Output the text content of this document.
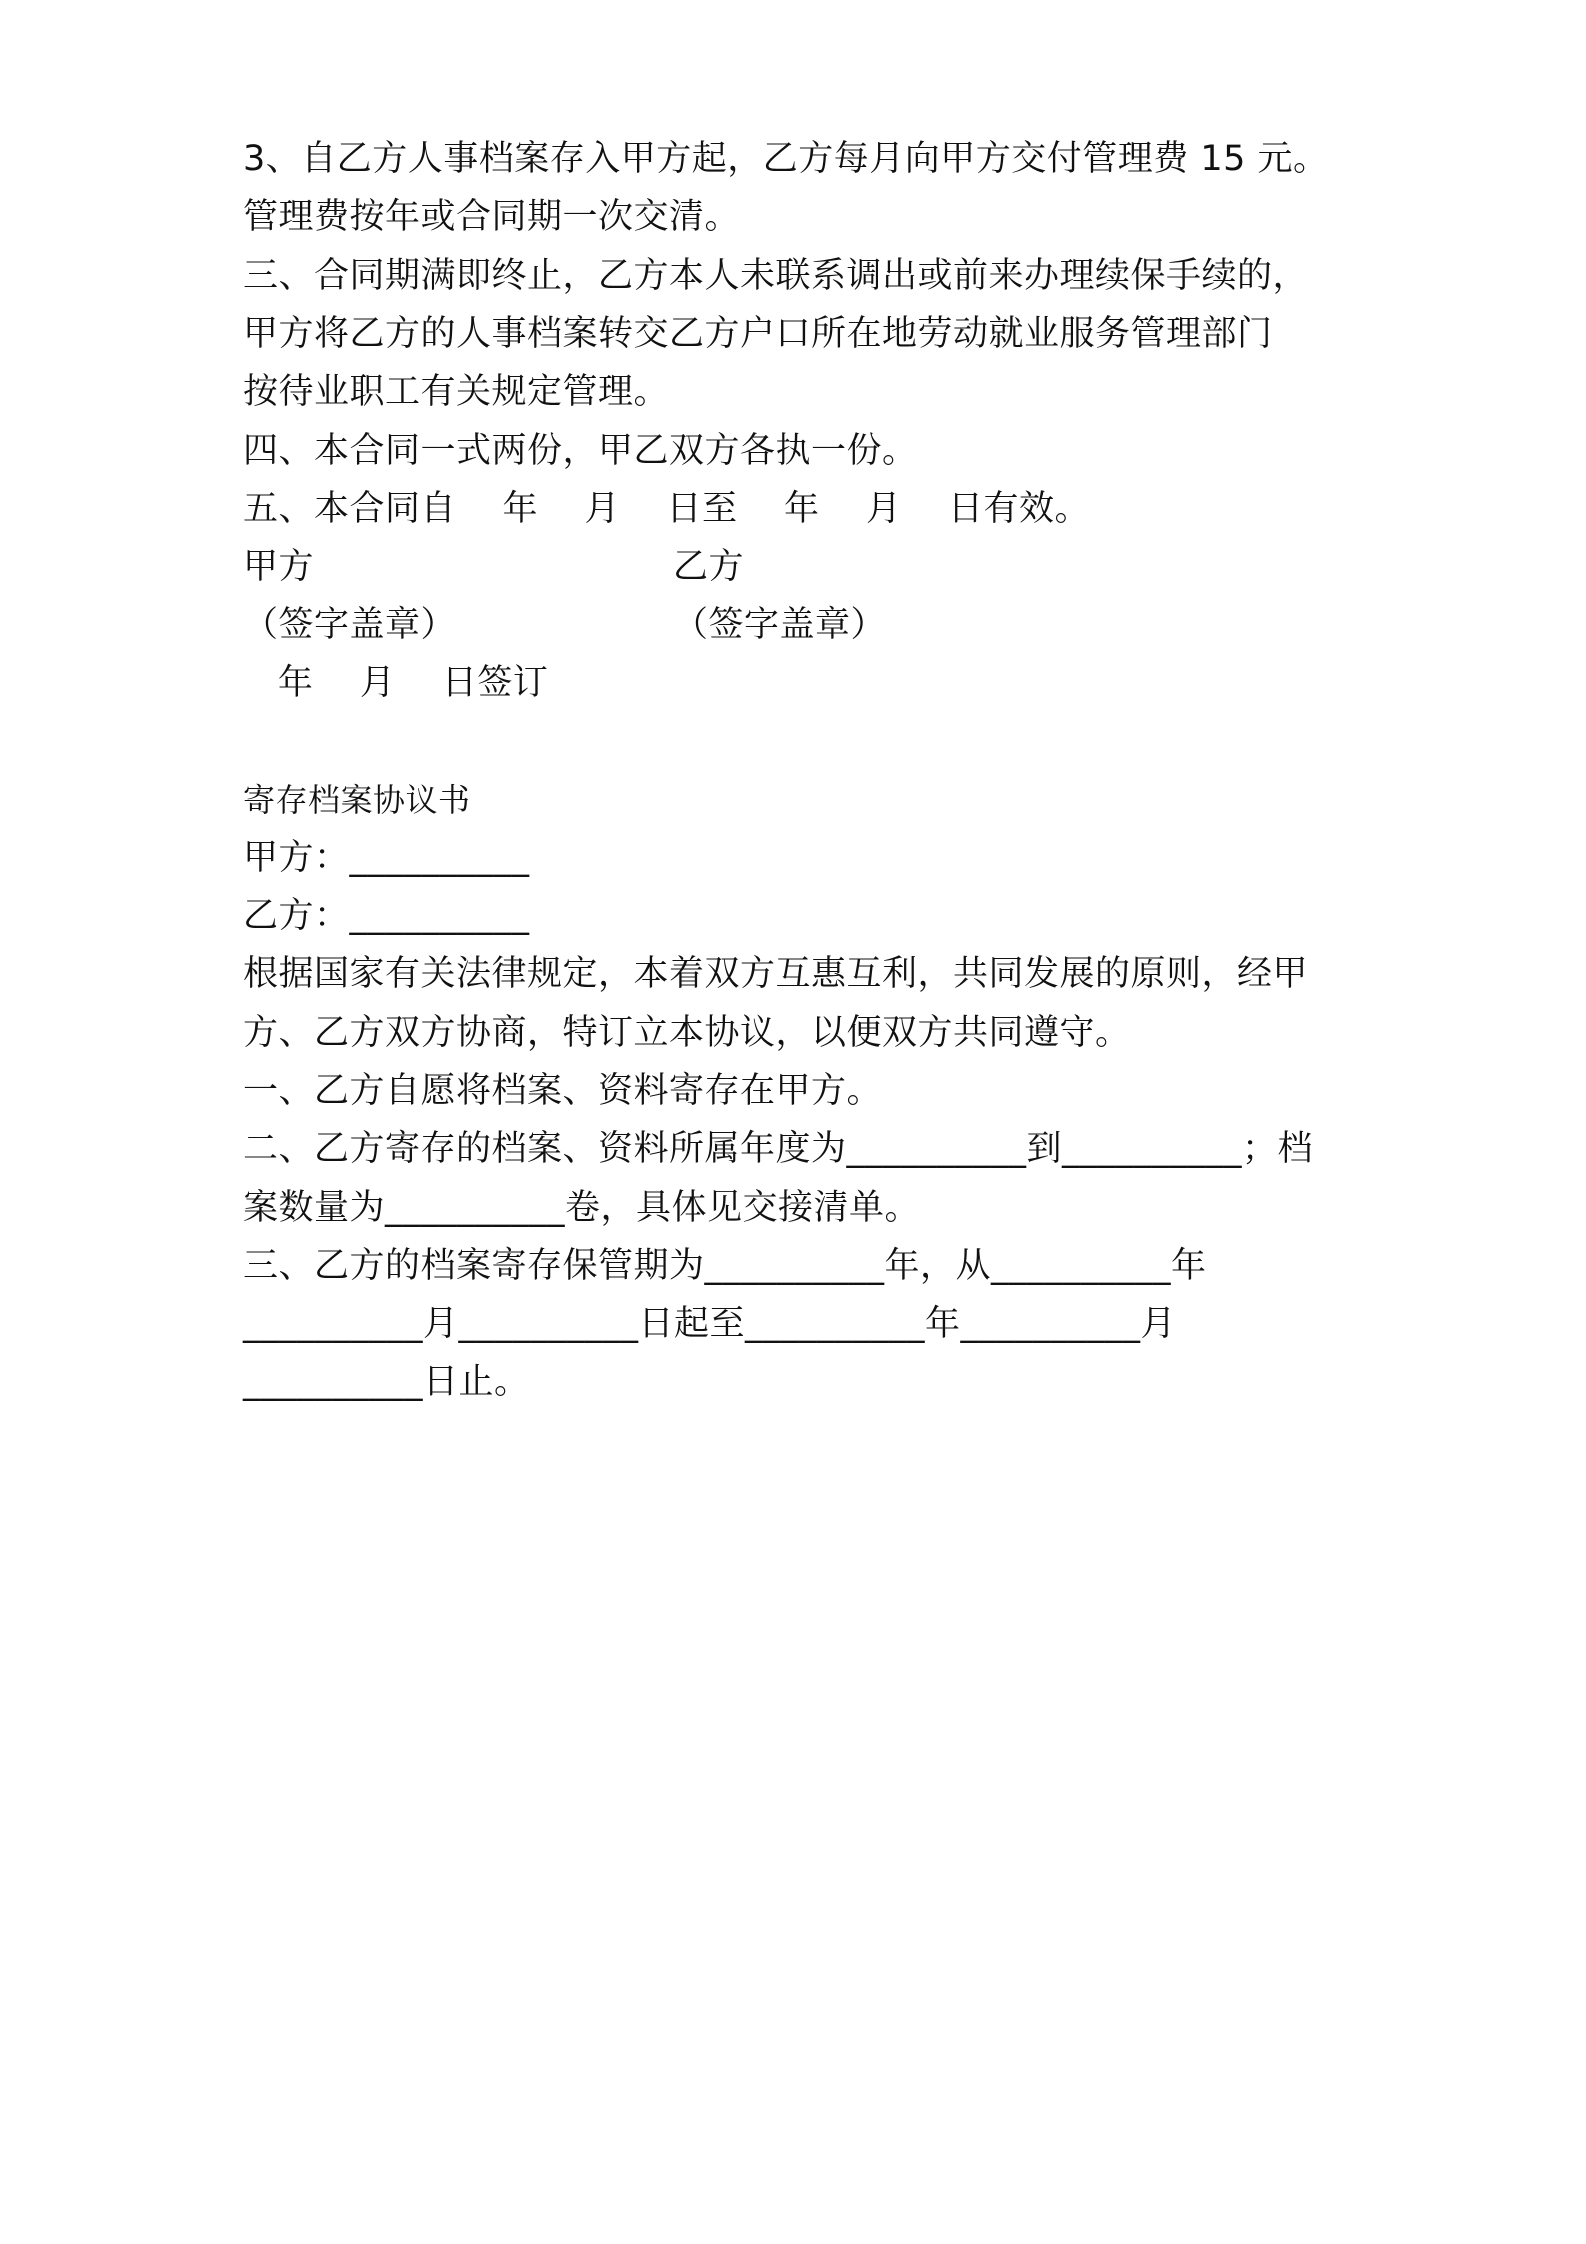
3、自乙方人事档案存入甲方起，乙方每月向甲方交付管理费 15 元。
管理费按年或合同期一次交清。
三、合同期满即终止，乙方本人未联系调出或前来办理续保手续的，
甲方将乙方的人事档案转交乙方户口所在地劳动就业服务管理部门
按待业职工有关规定管理。
四、本合同一式两份，甲乙双方各执一份。
五、本合同自    年    月    日至    年    月    日有效。
甲方	乙方
（签字盖章）	（签字盖章）
年    月    日签订
寄存档案协议书
甲方：__________
乙方：__________
根据国家有关法律规定，本着双方互惠互利，共同发展的原则，经甲
方、乙方双方协商，特订立本协议，以便双方共同遵守。
一、乙方自愿将档案、资料寄存在甲方。
二、乙方寄存的档案、资料所属年度为__________到__________；档
案数量为__________卷，具体见交接清单。
三、乙方的档案寄存保管期为__________年，从__________年
__________月__________日起至__________年__________月
__________日止。
